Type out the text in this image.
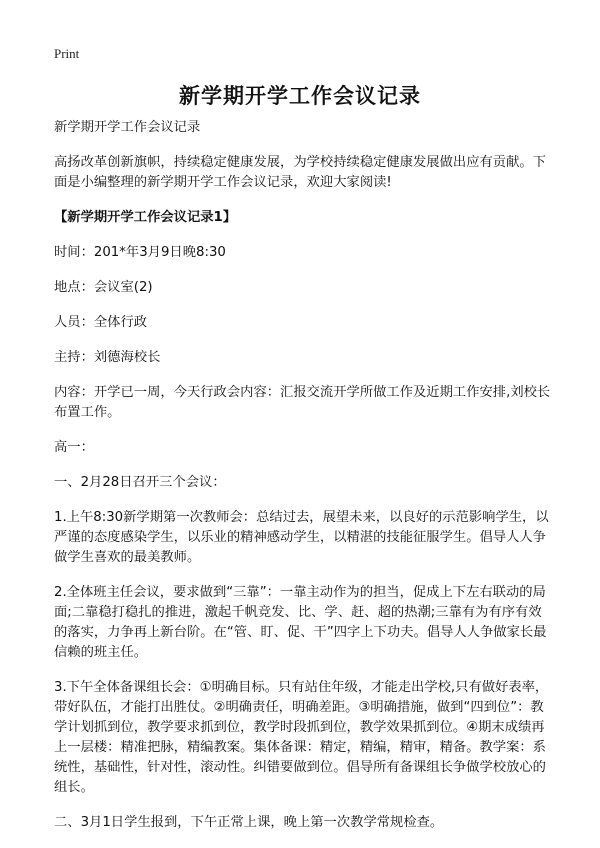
Print
新学期开学工作会议记录

新学期开学工作会议记录

高扬改革创新旗帜，持续稳定健康发展，为学校持续稳定健康发展做出应有贡献。下面是小编整理的新学期开学工作会议记录，欢迎大家阅读!

【新学期开学工作会议记录1】

时间：201*年3月9日晚8:30

地点：会议室(2)

人员：全体行政

主持：刘德海校长

内容：开学已一周，今天行政会内容：汇报交流开学所做工作及近期工作安排,刘校长布置工作。

高一：

一、2月28日召开三个会议：

1.上午8:30新学期第一次教师会：总结过去，展望未来，以良好的示范影响学生，以严谨的态度感染学生，以乐业的精神感动学生，以精湛的技能征服学生。倡导人人争做学生喜欢的最美教师。

2.全体班主任会议，要求做到“三靠”：一靠主动作为的担当，促成上下左右联动的局面;二靠稳打稳扎的推进，激起千帆竞发、比、学、赶、超的热潮;三靠有为有序有效的落实，力争再上新台阶。在“管、盯、促、干”四字上下功夫。倡导人人争做家长最信赖的班主任。

3.下午全体备课组长会：①明确目标。只有站住年级，才能走出学校,只有做好表率，带好队伍，才能打出胜仗。②明确责任，明确差距。③明确措施，做到“四到位”：教学计划抓到位，教学要求抓到位，教学时段抓到位，教学效果抓到位。④期末成绩再上一层楼：精准把脉，精编教案。集体备课：精定，精编，精审，精备。教学案：系统性，基础性，针对性，滚动性。纠错要做到位。倡导所有备课组长争做学校放心的组长。

二、3月1日学生报到，下午正常上课，晚上第一次教学常规检查。
